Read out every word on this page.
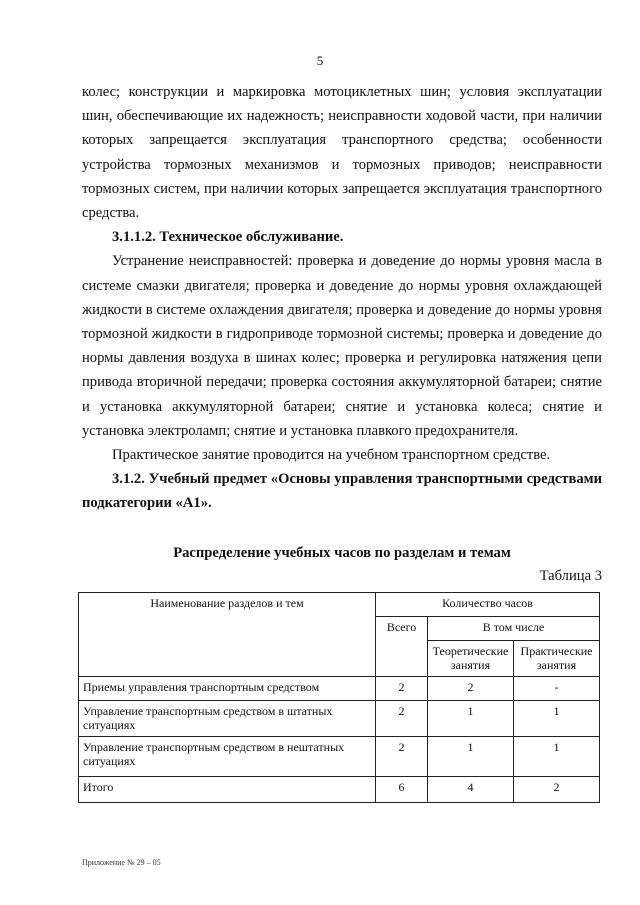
5

колес; конструкции и маркировка мотоциклетных шин; условия эксплуатации шин, обеспечивающие их надежность; неисправности ходовой части, при наличии которых запрещается эксплуатация транспортного средства; особенности устройства тормозных механизмов и тормозных приводов; неисправности тормозных систем, при наличии которых запрещается эксплуатация транспортного средства.

3.1.1.2. Техническое обслуживание.

Устранение неисправностей: проверка и доведение до нормы уровня масла в системе смазки двигателя; проверка и доведение до нормы уровня охлаждающей жидкости в системе охлаждения двигателя; проверка и доведение до нормы уровня тормозной жидкости в гидроприводе тормозной системы; проверка и доведение до нормы давления воздуха в шинах колес; проверка и регулировка натяжения цепи привода вторичной передачи; проверка состояния аккумуляторной батареи; снятие и установка аккумуляторной батареи; снятие и установка колеса; снятие и установка электроламп; снятие и установка плавкого предохранителя.

Практическое занятие проводится на учебном транспортном средстве.

3.1.2. Учебный предмет «Основы управления транспортными средствами подкатегории «А1».

Распределение учебных часов по разделам и темам
Таблица 3
Наименование разделов и тем	Количество часов		
	Всего	В том числе	
		Теоретические занятия	Практические занятия
Приемы управления транспортным средством	2	2	-
Управление транспортным средством в штатных ситуациях	2	1	1
Управление транспортным средством в нештатных ситуациях	2	1	1
Итого	6	4	2
Приложение № 29 – 05
